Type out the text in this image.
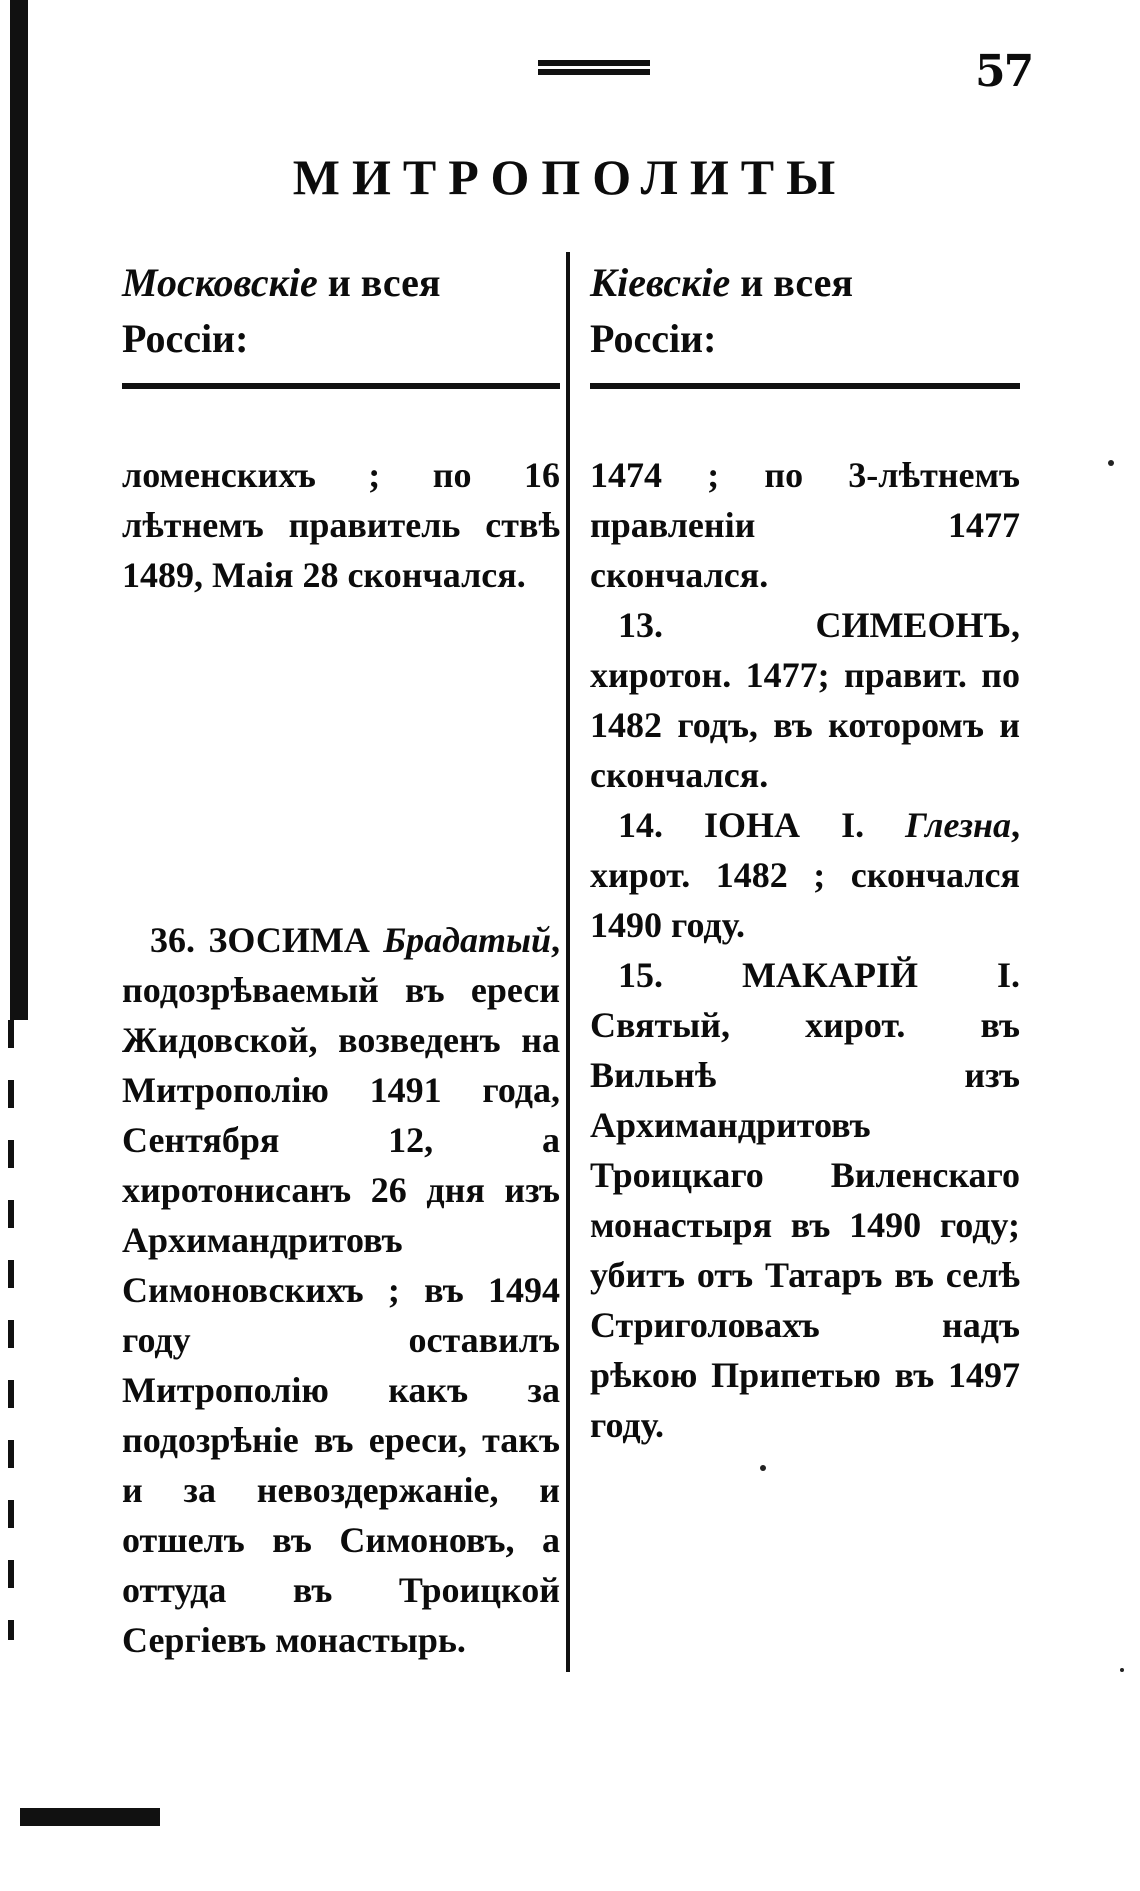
57
МИТРОПОЛИТЫ
Московскіе и всея
Россіи:

ломенскихъ ; по 16 лѣтнемъ правитель ствѣ 1489, Маія 28 скончался.

36. ЗОСИМА Брадатый, подозрѣваемый въ ереси Жидовской, возведенъ на Митрополію 1491 года, Сентября 12, а хиротонисанъ 26 дня изъ Архимандритовъ Симоновскихъ ; въ 1494 году оставилъ Митрополію какъ за подозрѣніе въ ереси, такъ и за невоздержаніе, и отшелъ въ Симоновъ, а оттуда въ Троицкой Сергіевъ монастырь.

Кіевскіе и всея
Россіи:

1474 ; по 3-лѣтнемъ правленіи 1477 скончался.

13.	СИМЕОНЪ, хиротон. 1477; правит. по 1482 годъ, въ которомъ и скончался.

14. ІОНА І. Глезна, хирот. 1482 ; скончался 1490 году.

15. МАКАРІЙ І. Святый, хирот. въ Вильнѣ изъ Архимандритовъ Троицкаго Виленскаго монастыря въ 1490 году; убитъ отъ Татаръ въ селѣ Стриголовахъ надъ рѣкою Припетью въ 1497 году.
